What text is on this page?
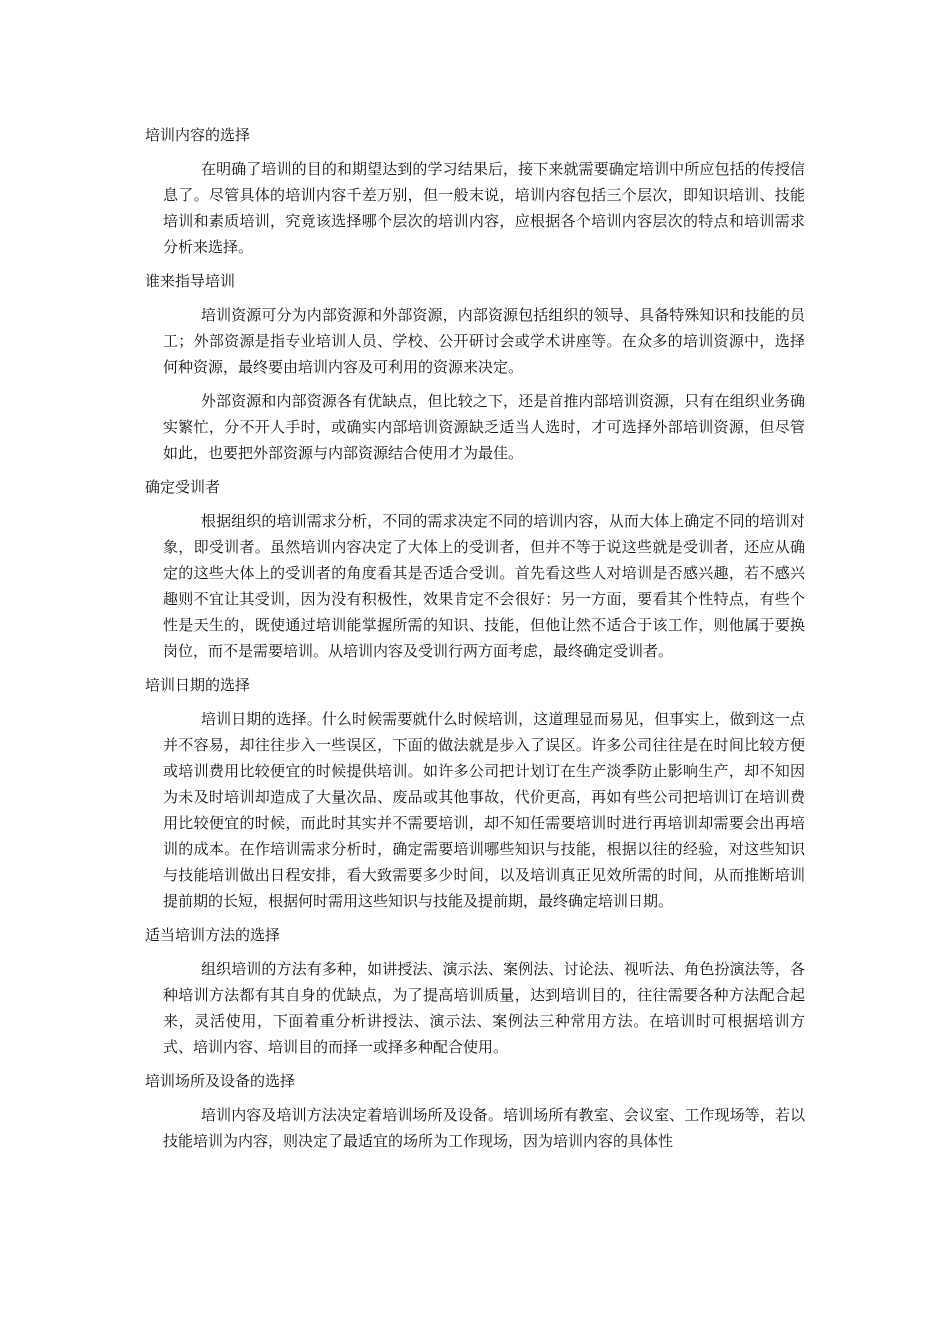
培训内容的选择

在明确了培训的目的和期望达到的学习结果后，接下来就需要确定培训中所应包括的传授信息了。尽管具体的培训内容千差万别，但一般末说，培训内容包括三个层次，即知识培训、技能培训和素质培训，究竟该选择哪个层次的培训内容，应根据各个培训内容层次的特点和培训需求分析来选择。

谁来指导培训

培训资源可分为内部资源和外部资源，内部资源包括组织的领导、具备特殊知识和技能的员工；外部资源是指专业培训人员、学校、公开研讨会或学术讲座等。在众多的培训资源中，选择何种资源，最终要由培训内容及可利用的资源来决定。

外部资源和内部资源各有优缺点，但比较之下，还是首推内部培训资源，只有在组织业务确实繁忙，分不开人手时，或确实内部培训资源缺乏适当人选时，才可选择外部培训资源，但尽管如此，也要把外部资源与内部资源结合使用才为最佳。

确定受训者

根据组织的培训需求分析，不同的需求决定不同的培训内容，从而大体上确定不同的培训对象，即受训者。虽然培训内容决定了大体上的受训者，但并不等于说这些就是受训者，还应从确定的这些大体上的受训者的角度看其是否适合受训。首先看这些人对培训是否感兴趣，若不感兴趣则不宜让其受训，因为没有积极性，效果肯定不会很好：另一方面，要看其个性特点，有些个性是天生的，既使通过培训能掌握所需的知识、技能，但他让然不适合于该工作，则他属于要换岗位，而不是需要培训。从培训内容及受训行两方面考虑，最终确定受训者。

培训日期的选择

培训日期的选择。什么时候需要就什么时候培训，这道理显而易见，但事实上，做到这一点并不容易，却往往步入一些误区，下面的做法就是步入了误区。许多公司往往是在时间比较方便或培训费用比较便宜的时候提供培训。如许多公司把计划订在生产淡季防止影响生产，却不知因为未及时培训却造成了大量次品、废品或其他事故，代价更高，再如有些公司把培训订在培训费用比较便宜的时候，而此时其实并不需要培训，却不知任需要培训时进行再培训却需要会出再培训的成本。在作培训需求分析时，确定需要培训哪些知识与技能，根据以往的经验，对这些知识与技能培训做出日程安排，看大致需要多少时间，以及培训真正见效所需的时间，从而推断培训提前期的长短，根据何时需用这些知识与技能及提前期，最终确定培训日期。

适当培训方法的选择

组织培训的方法有多种，如讲授法、演示法、案例法、讨论法、视听法、角色扮演法等，各种培训方法都有其自身的优缺点，为了提高培训质量，达到培训目的，往往需要各种方法配合起来，灵活使用，下面着重分析讲授法、演示法、案例法三种常用方法。在培训时可根据培训方式、培训内容、培训目的而择一或择多种配合使用。

培训场所及设备的选择

培训内容及培训方法决定着培训场所及设备。培训场所有教室、会议室、工作现场等，若以技能培训为内容，则决定了最适宜的场所为工作现场，因为培训内容的具体性
